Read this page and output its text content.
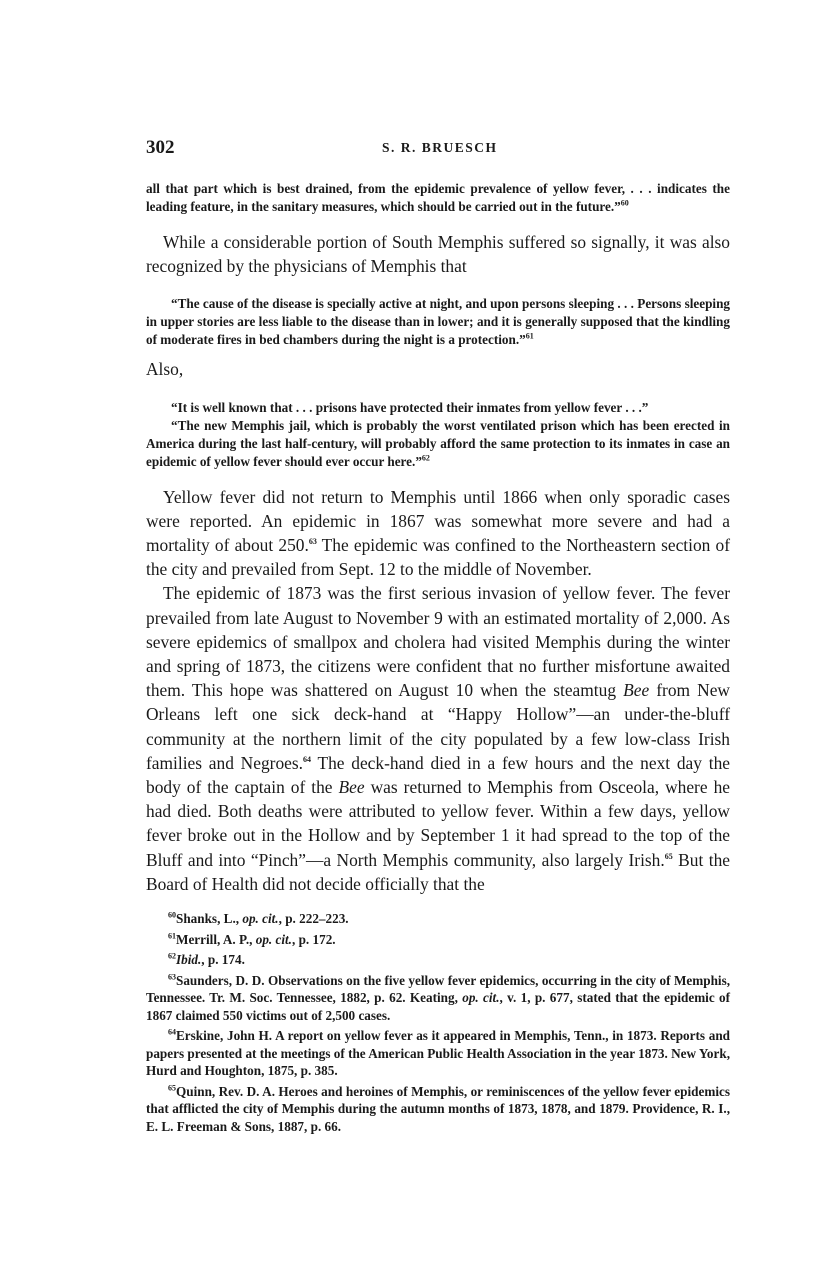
302	S. R. BRUESCH

all that part which is best drained, from the epidemic prevalence of yellow fever, . . . indicates the leading feature, in the sanitary measures, which should be carried out in the future.”$^{60}$

While a considerable portion of South Memphis suffered so signally, it was also recognized by the physicians of Memphis that

“The cause of the disease is specially active at night, and upon persons sleeping . . . Persons sleeping in upper stories are less liable to the disease than in lower; and it is generally supposed that the kindling of moderate fires in bed chambers during the night is a protection.”$^{61}$

Also,

“It is well known that . . . prisons have protected their inmates from yellow fever . . .”

“The new Memphis jail, which is probably the worst ventilated prison which has been erected in America during the last half-century, will probably afford the same protection to its inmates in case an epidemic of yellow fever should ever occur here.”$^{62}$

Yellow fever did not return to Memphis until 1866 when only sporadic cases were reported. An epidemic in 1867 was somewhat more severe and had a mortality of about 250.63 The epidemic was confined to the Northeastern section of the city and prevailed from Sept. 12 to the middle of November.

The epidemic of 1873 was the first serious invasion of yellow fever. The fever prevailed from late August to November 9 with an estimated mortality of 2,000. As severe epidemics of smallpox and cholera had visited Memphis during the winter and spring of 1873, the citizens were confident that no further misfortune awaited them. This hope was shattered on August 10 when the steamtug Bee from New Orleans left one sick deck-hand at “Happy Hollow”—an under-the-bluff community at the northern limit of the city populated by a few low-class Irish families and Negroes.$^{64}$ The deck-hand died in a few hours and the next day the body of the captain of the Bee was returned to Memphis from Osceola, where he had died. Both deaths were attributed to yellow fever. Within a few days, yellow fever broke out in the Hollow and by September 1 it had spread to the top of the Bluff and into “Pinch”—a North Memphis community, also largely Irish.$^{65}$ But the Board of Health did not decide officially that the

$^{60}$Shanks, L., op. cit., p. 222–223.

$^{61}$Merrill, A. P., op. cit., p. 172.

$^{62}$Ibid., p. 174.

$^{63}$Saunders, D. D. Observations on the five yellow fever epidemics, occurring in the city of Memphis, Tennessee. Tr. M. Soc. Tennessee, 1882, p. 62. Keating, op. cit., v. 1, p. 677, stated that the epidemic of 1867 claimed 550 victims out of 2,500 cases.

$^{64}$Erskine, John H. A report on yellow fever as it appeared in Memphis, Tenn., in 1873. Reports and papers presented at the meetings of the American Public Health Association in the year 1873. New York, Hurd and Houghton, 1875, p. 385.

$^{65}$Quinn, Rev. D. A. Heroes and heroines of Memphis, or reminiscences of the yellow fever epidemics that afflicted the city of Memphis during the autumn months of 1873, 1878, and 1879. Providence, R. I., E. L. Freeman & Sons, 1887, p. 66.
